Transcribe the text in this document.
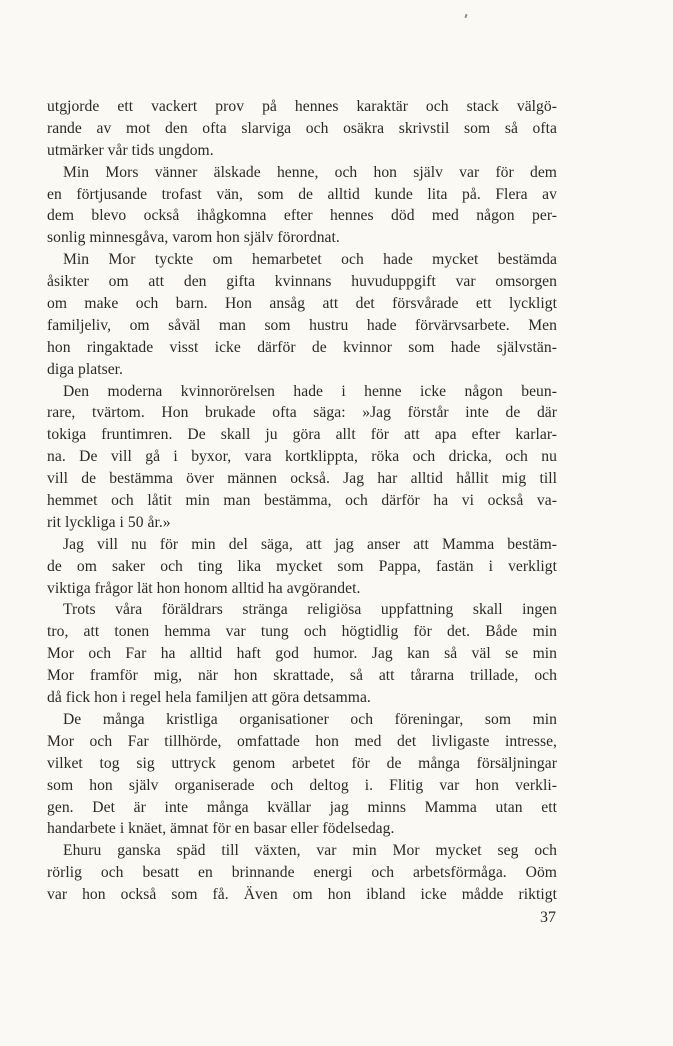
utgjorde ett vackert prov på hennes karaktär och stack välgö-
rande av mot den ofta slarviga och osäkra skrivstil som så ofta
utmärker vår tids ungdom.
Min Mors vänner älskade henne, och hon själv var för dem
en förtjusande trofast vän, som de alltid kunde lita på. Flera av
dem blevo också ihågkomna efter hennes död med någon per-
sonlig minnesgåva, varom hon själv förordnat.
Min Mor tyckte om hemarbetet och hade mycket bestämda
åsikter om att den gifta kvinnans huvuduppgift var omsorgen
om make och barn. Hon ansåg att det försvårade ett lyckligt
familjeliv, om såväl man som hustru hade förvärvsarbete. Men
hon ringaktade visst icke därför de kvinnor som hade självstän-
diga platser.
Den moderna kvinnorörelsen hade i henne icke någon beun-
rare, tvärtom. Hon brukade ofta säga: »Jag förstår inte de där
tokiga fruntimren. De skall ju göra allt för att apa efter karlar-
na. De vill gå i byxor, vara kortklippta, röka och dricka, och nu
vill de bestämma över männen också. Jag har alltid hållit mig till
hemmet och låtit min man bestämma, och därför ha vi också va-
rit lyckliga i 50 år.»
Jag vill nu för min del säga, att jag anser att Mamma bestäm-
de om saker och ting lika mycket som Pappa, fastän i verkligt
viktiga frågor lät hon honom alltid ha avgörandet.
Trots våra föräldrars stränga religiösa uppfattning skall ingen
tro, att tonen hemma var tung och högtidlig för det. Både min
Mor och Far ha alltid haft god humor. Jag kan så väl se min
Mor framför mig, när hon skrattade, så att tårarna trillade, och
då fick hon i regel hela familjen att göra detsamma.
De många kristliga organisationer och föreningar, som min
Mor och Far tillhörde, omfattade hon med det livligaste intresse,
vilket tog sig uttryck genom arbetet för de många försäljningar
som hon själv organiserade och deltog i. Flitig var hon verkli-
gen. Det är inte många kvällar jag minns Mamma utan ett
handarbete i knäet, ämnat för en basar eller födelsedag.
Ehuru ganska späd till växten, var min Mor mycket seg och
rörlig och besatt en brinnande energi och arbetsförmåga. Oöm
var hon också som få. Även om hon ibland icke mådde riktigt
37
